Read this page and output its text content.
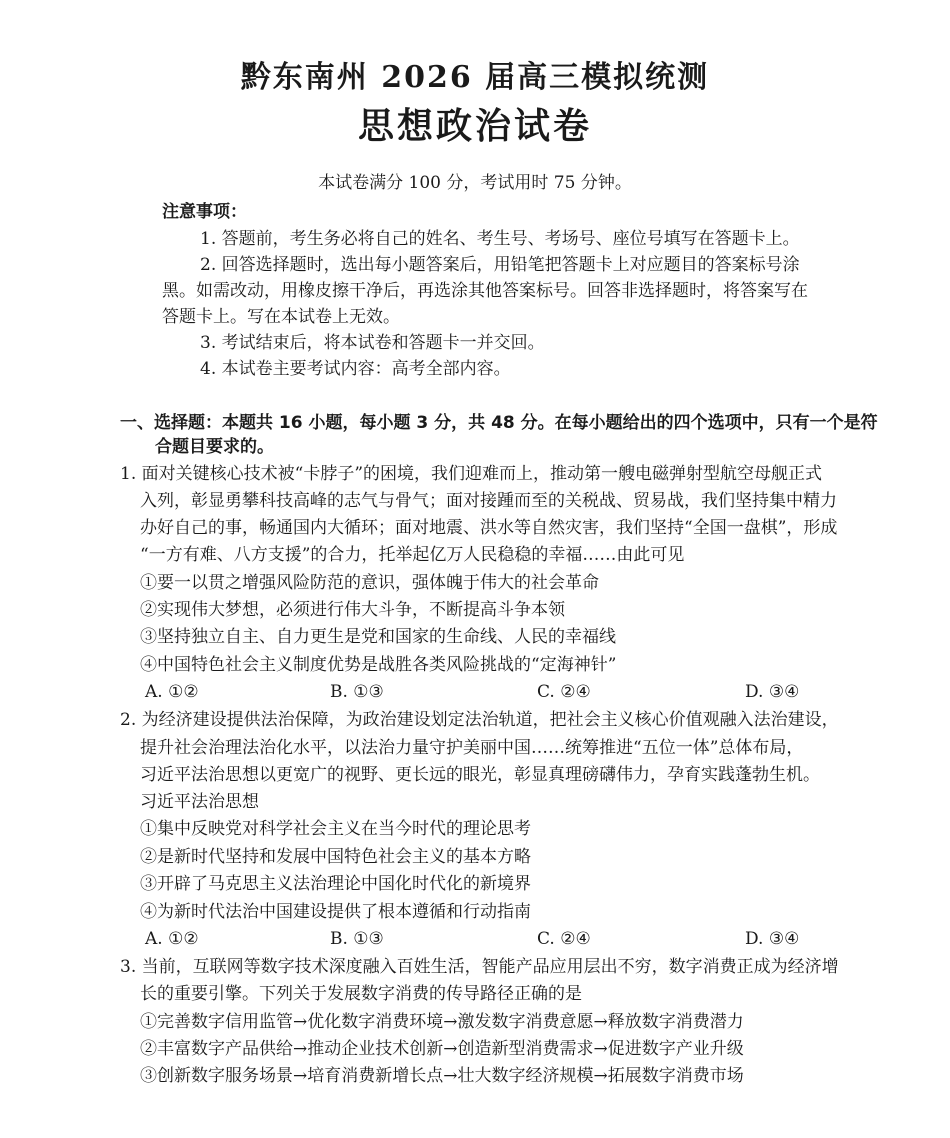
黔东南州 2026 届高三模拟统测
思想政治试卷
本试卷满分 100 分，考试用时 75 分钟。
注意事项：
1. 答题前，考生务必将自己的姓名、考生号、考场号、座位号填写在答题卡上。
2. 回答选择题时，选出每小题答案后，用铅笔把答题卡上对应题目的答案标号涂
黑。如需改动，用橡皮擦干净后，再选涂其他答案标号。回答非选择题时，将答案写在
答题卡上。写在本试卷上无效。
3. 考试结束后，将本试卷和答题卡一并交回。
4. 本试卷主要考试内容：高考全部内容。
一、选择题：本题共 16 小题，每小题 3 分，共 48 分。在每小题给出的四个选项中，只有一个是符
合题目要求的。
1. 面对关键核心技术被“卡脖子”的困境，我们迎难而上，推动第一艘电磁弹射型航空母舰正式
入列，彰显勇攀科技高峰的志气与骨气；面对接踵而至的关税战、贸易战，我们坚持集中精力
办好自己的事，畅通国内大循环；面对地震、洪水等自然灾害，我们坚持“全国一盘棋”，形成
“一方有难、八方支援”的合力，托举起亿万人民稳稳的幸福……由此可见
①要一以贯之增强风险防范的意识，强体魄于伟大的社会革命
②实现伟大梦想，必须进行伟大斗争，不断提高斗争本领
③坚持独立自主、自力更生是党和国家的生命线、人民的幸福线
④中国特色社会主义制度优势是战胜各类风险挑战的“定海神针”
A. ①②	B. ①③	C. ②④	D. ③④
2. 为经济建设提供法治保障，为政治建设划定法治轨道，把社会主义核心价值观融入法治建设，
提升社会治理法治化水平，以法治力量守护美丽中国……统筹推进“五位一体”总体布局，
习近平法治思想以更宽广的视野、更长远的眼光，彰显真理磅礴伟力，孕育实践蓬勃生机。
习近平法治思想
①集中反映党对科学社会主义在当今时代的理论思考
②是新时代坚持和发展中国特色社会主义的基本方略
③开辟了马克思主义法治理论中国化时代化的新境界
④为新时代法治中国建设提供了根本遵循和行动指南
A. ①②	B. ①③	C. ②④	D. ③④
3. 当前，互联网等数字技术深度融入百姓生活，智能产品应用层出不穷，数字消费正成为经济增
长的重要引擎。下列关于发展数字消费的传导路径正确的是
①完善数字信用监管→优化数字消费环境→激发数字消费意愿→释放数字消费潜力
②丰富数字产品供给→推动企业技术创新→创造新型消费需求→促进数字产业升级
③创新数字服务场景→培育消费新增长点→壮大数字经济规模→拓展数字消费市场
